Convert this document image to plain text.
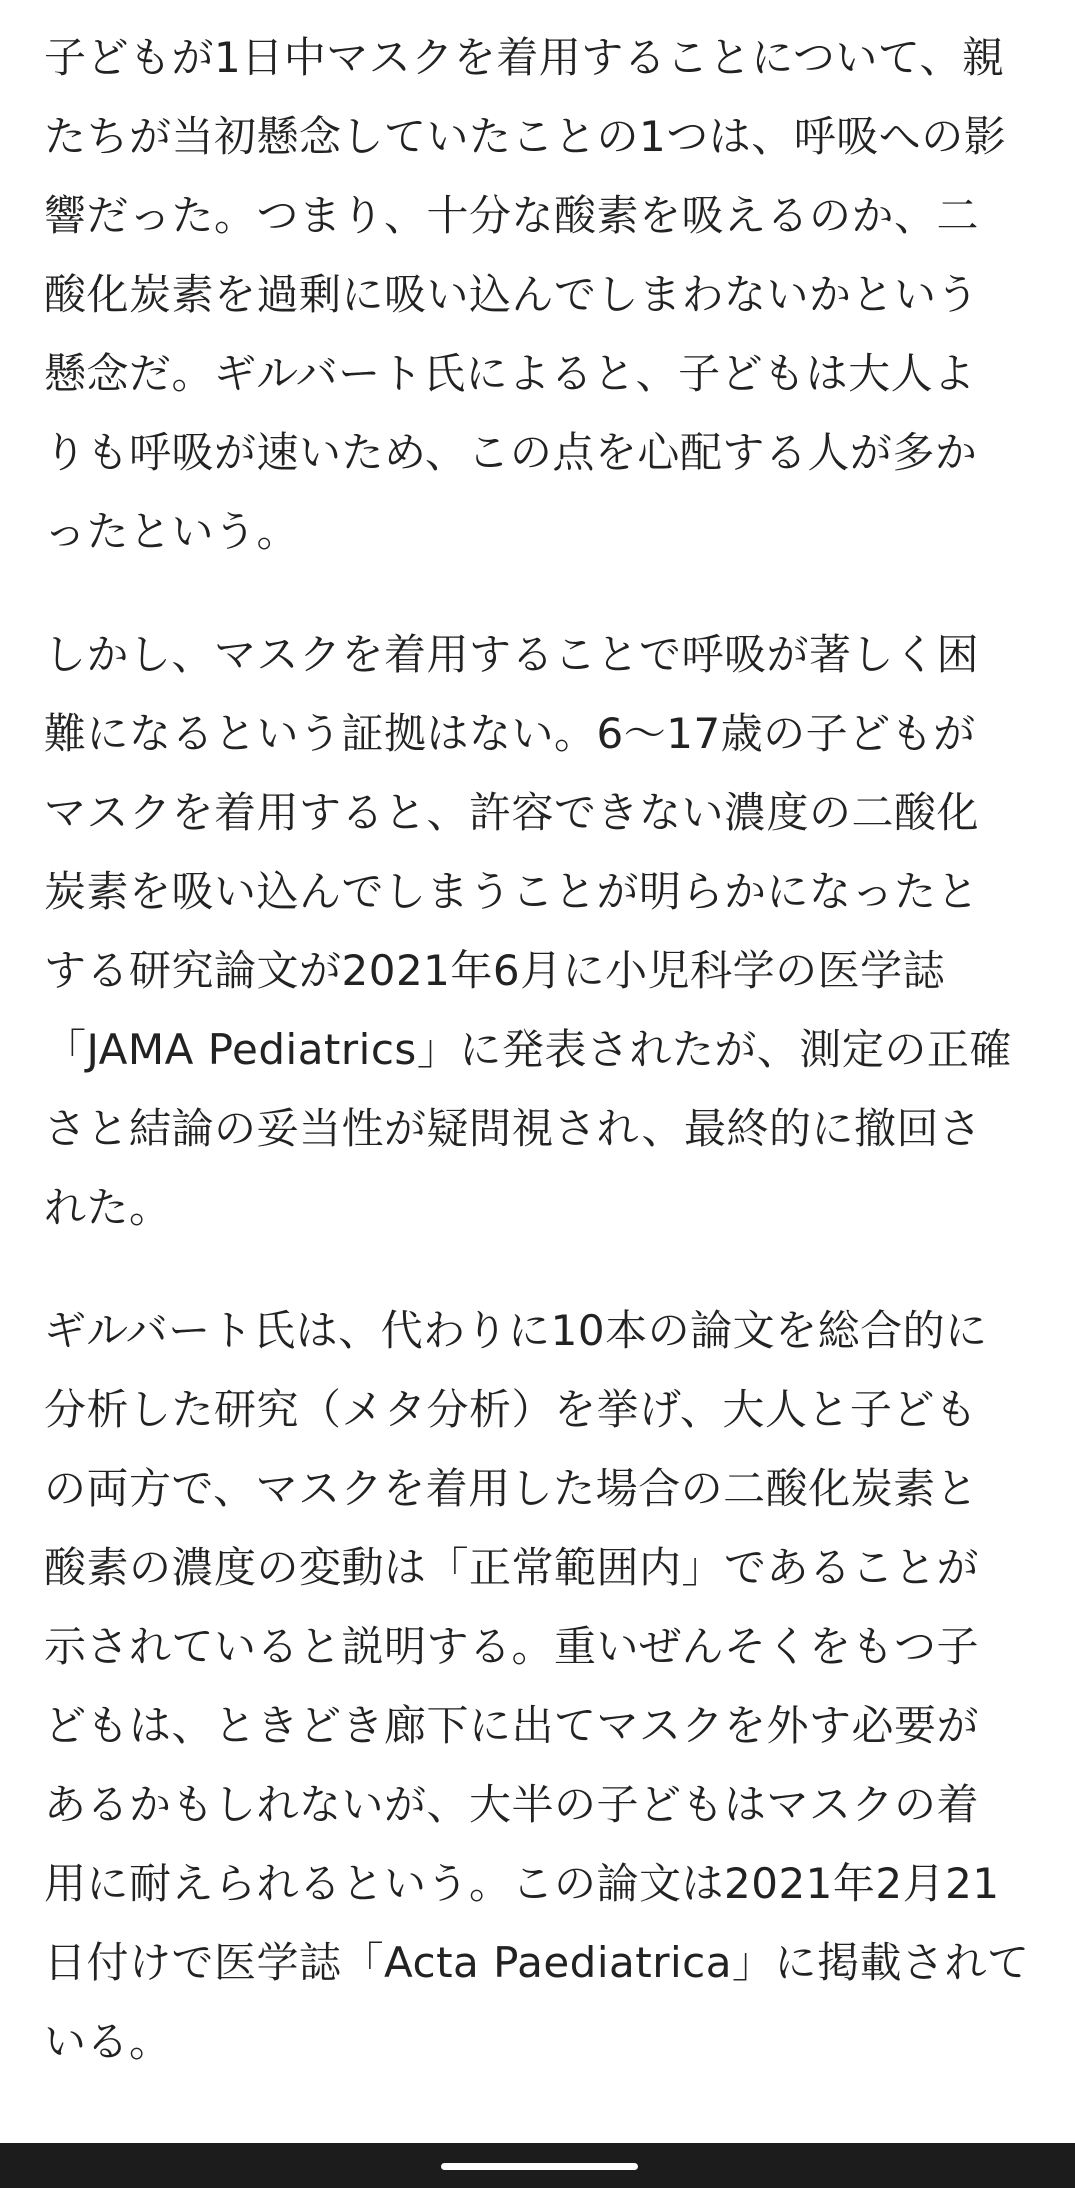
子どもが1日中マスクを着用することについて、親
たちが当初懸念していたことの1つは、呼吸への影
響だった。つまり、十分な酸素を吸えるのか、二
酸化炭素を過剰に吸い込んでしまわないかという
懸念だ。ギルバート氏によると、子どもは大人よ
りも呼吸が速いため、この点を心配する人が多か
ったという。

しかし、マスクを着用することで呼吸が著しく困
難になるという証拠はない。6〜17歳の子どもが
マスクを着用すると、許容できない濃度の二酸化
炭素を吸い込んでしまうことが明らかになったと
する研究論文が2021年6月に小児科学の医学誌
「JAMA Pediatrics」に発表されたが、測定の正確
さと結論の妥当性が疑問視され、最終的に撤回さ
れた。

ギルバート氏は、代わりに10本の論文を総合的に
分析した研究（メタ分析）を挙げ、大人と子ども
の両方で、マスクを着用した場合の二酸化炭素と
酸素の濃度の変動は「正常範囲内」であることが
示されていると説明する。重いぜんそくをもつ子
どもは、ときどき廊下に出てマスクを外す必要が
あるかもしれないが、大半の子どもはマスクの着
用に耐えられるという。この論文は2021年2月21
日付けで医学誌「Acta Paediatrica」に掲載されて
いる。
